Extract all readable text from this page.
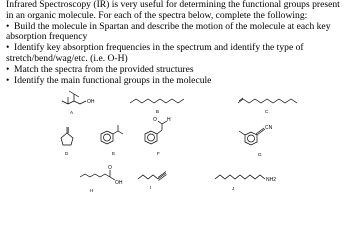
Infrared Spectroscopy (IR) is very useful for determining the functional groups present in an organic molecule. For each of the spectra below, complete the following:

• Build the molecule in Spartan and describe the motion of the molecule at each key absorption frequency

• Identify key absorption frequencies in the spectrum and identify the type of stretch/bend/wag/etc. (i.e. O-H)

• Match the spectra from the provided structures

• Identify the main functional groups in the molecule

OH
A	B	C
D	E
O H
F
CN
G
OH
O
H
I
NH2
J
